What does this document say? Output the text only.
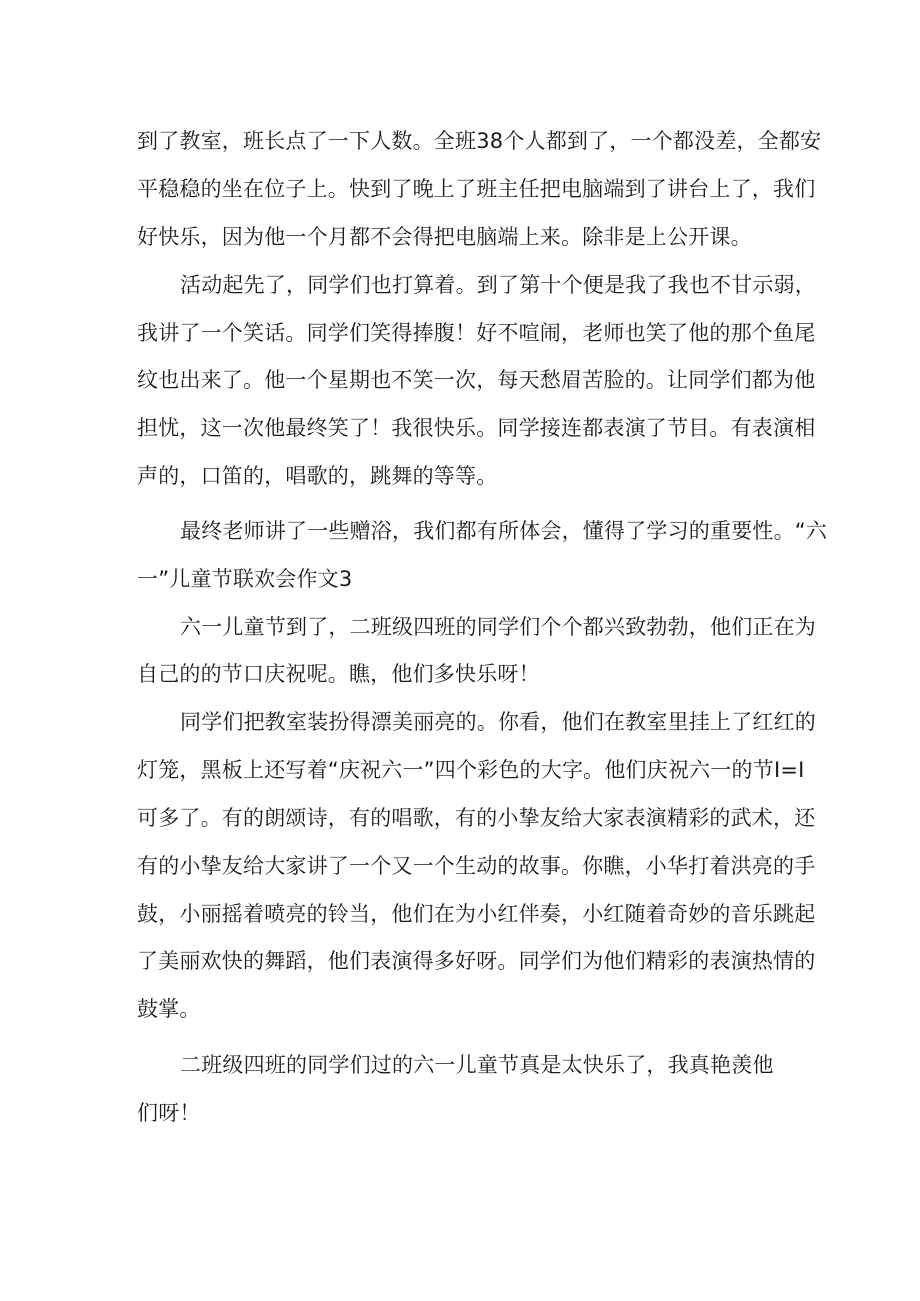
到了教室，班长点了一下人数。全班38个人都到了，一个都没差，全都安
平稳稳的坐在位子上。快到了晚上了班主任把电脑端到了讲台上了，我们
好快乐，因为他一个月都不会得把电脑端上来。除非是上公开课。
活动起先了，同学们也打算着。到了第十个便是我了我也不甘示弱，
我讲了一个笑话。同学们笑得捧腹！好不喧闹，老师也笑了他的那个鱼尾
纹也出来了。他一个星期也不笑一次，每天愁眉苦脸的。让同学们都为他
担忧，这一次他最终笑了！我很快乐。同学接连都表演了节目。有表演相
声的，口笛的，唱歌的，跳舞的等等。
最终老师讲了一些赠浴，我们都有所体会，懂得了学习的重要性。“六
一”儿童节联欢会作文3
六一儿童节到了，二班级四班的同学们个个都兴致勃勃，他们正在为
自己的的节口庆祝呢。瞧，他们多快乐呀！
同学们把教室装扮得漂美丽亮的。你看，他们在教室里挂上了红红的
灯笼，黑板上还写着“庆祝六一”四个彩色的大字。他们庆祝六一的节I=I
可多了。有的朗颂诗，有的唱歌，有的小挚友给大家表演精彩的武术，还
有的小挚友给大家讲了一个又一个生动的故事。你瞧，小华打着洪亮的手
鼓，小丽摇着喷亮的铃当，他们在为小红伴奏，小红随着奇妙的音乐跳起
了美丽欢快的舞蹈，他们表演得多好呀。同学们为他们精彩的表演热情的
鼓掌。
二班级四班的同学们过的六一儿童节真是太快乐了，我真艳羡他
们呀！
